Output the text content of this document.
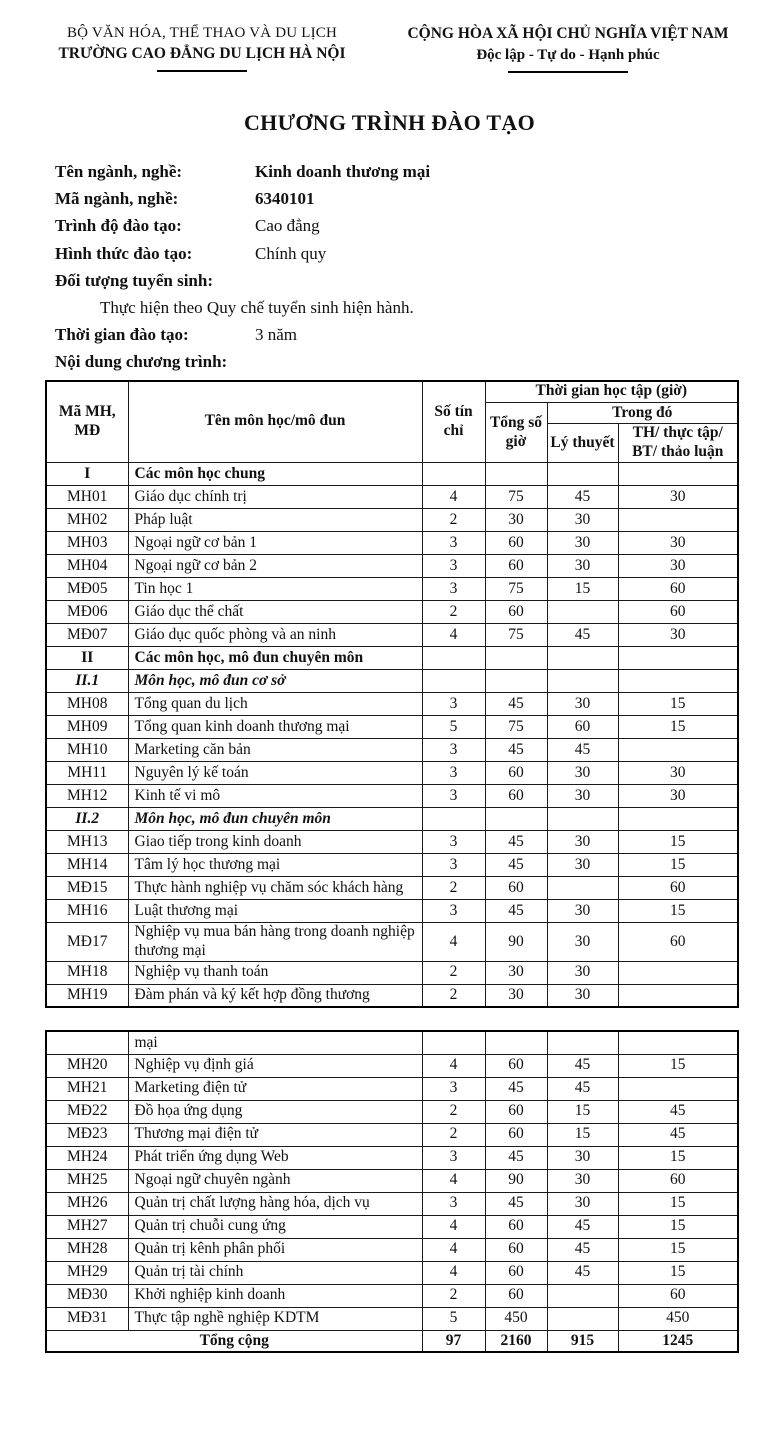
BỘ VĂN HÓA, THỂ THAO VÀ DU LỊCH
TRƯỜNG CAO ĐẲNG DU LỊCH HÀ NỘI
CỘNG HÒA XÃ HỘI CHỦ NGHĨA VIỆT NAM
Độc lập - Tự do - Hạnh phúc
CHƯƠNG TRÌNH ĐÀO TẠO
Tên ngành, nghề:	Kinh doanh thương mại
Mã ngành, nghề:	6340101
Trình độ đào tạo:	Cao đẳng
Hình thức đào tạo:	Chính quy
Đối tượng tuyển sinh:
Thực hiện theo Quy chế tuyển sinh hiện hành.
Thời gian đào tạo:	3 năm
Nội dung chương trình:
Mã MH, MĐ	Tên môn học/mô đun	Số tín chỉ	Thời gian học tập (giờ)		
			Tổng số giờ	Trong đó	
				Lý thuyết	TH/ thực tập/ BT/ thảo luận
I	Các môn học chung				
MH01	Giáo dục chính trị	4	75	45	30
MH02	Pháp luật	2	30	30	
MH03	Ngoại ngữ cơ bản 1	3	60	30	30
MH04	Ngoại ngữ cơ bản 2	3	60	30	30
MĐ05	Tin học 1	3	75	15	60
MĐ06	Giáo dục thể chất	2	60		60
MĐ07	Giáo dục quốc phòng và an ninh	4	75	45	30
II	Các môn học, mô đun chuyên môn				
II.1	Môn học, mô đun cơ sở				
MH08	Tổng quan du lịch	3	45	30	15
MH09	Tổng quan kinh doanh thương mại	5	75	60	15
MH10	Marketing căn bản	3	45	45	
MH11	Nguyên lý kế toán	3	60	30	30
MH12	Kinh tế vi mô	3	60	30	30
II.2	Môn học, mô đun chuyên môn				
MH13	Giao tiếp trong kinh doanh	3	45	30	15
MH14	Tâm lý học thương mại	3	45	30	15
MĐ15	Thực hành nghiệp vụ chăm sóc khách hàng	2	60		60
MH16	Luật thương mại	3	45	30	15
MĐ17	Nghiệp vụ mua bán hàng trong doanh nghiệp thương mại	4	90	30	60
MH18	Nghiệp vụ thanh toán	2	30	30	
MH19	Đàm phán và ký kết hợp đồng thương	2	30	30	
	mại				
MH20	Nghiệp vụ định giá	4	60	45	15
MH21	Marketing điện tử	3	45	45	
MĐ22	Đồ họa ứng dụng	2	60	15	45
MĐ23	Thương mại điện tử	2	60	15	45
MH24	Phát triển ứng dụng Web	3	45	30	15
MH25	Ngoại ngữ chuyên ngành	4	90	30	60
MH26	Quản trị chất lượng hàng hóa, dịch vụ	3	45	30	15
MH27	Quản trị chuỗi cung ứng	4	60	45	15
MH28	Quản trị kênh phân phối	4	60	45	15
MH29	Quản trị tài chính	4	60	45	15
MĐ30	Khởi nghiệp kinh doanh	2	60		60
MĐ31	Thực tập nghề nghiệp KDTM	5	450		450
Tổng cộng		97	2160	915	1245
